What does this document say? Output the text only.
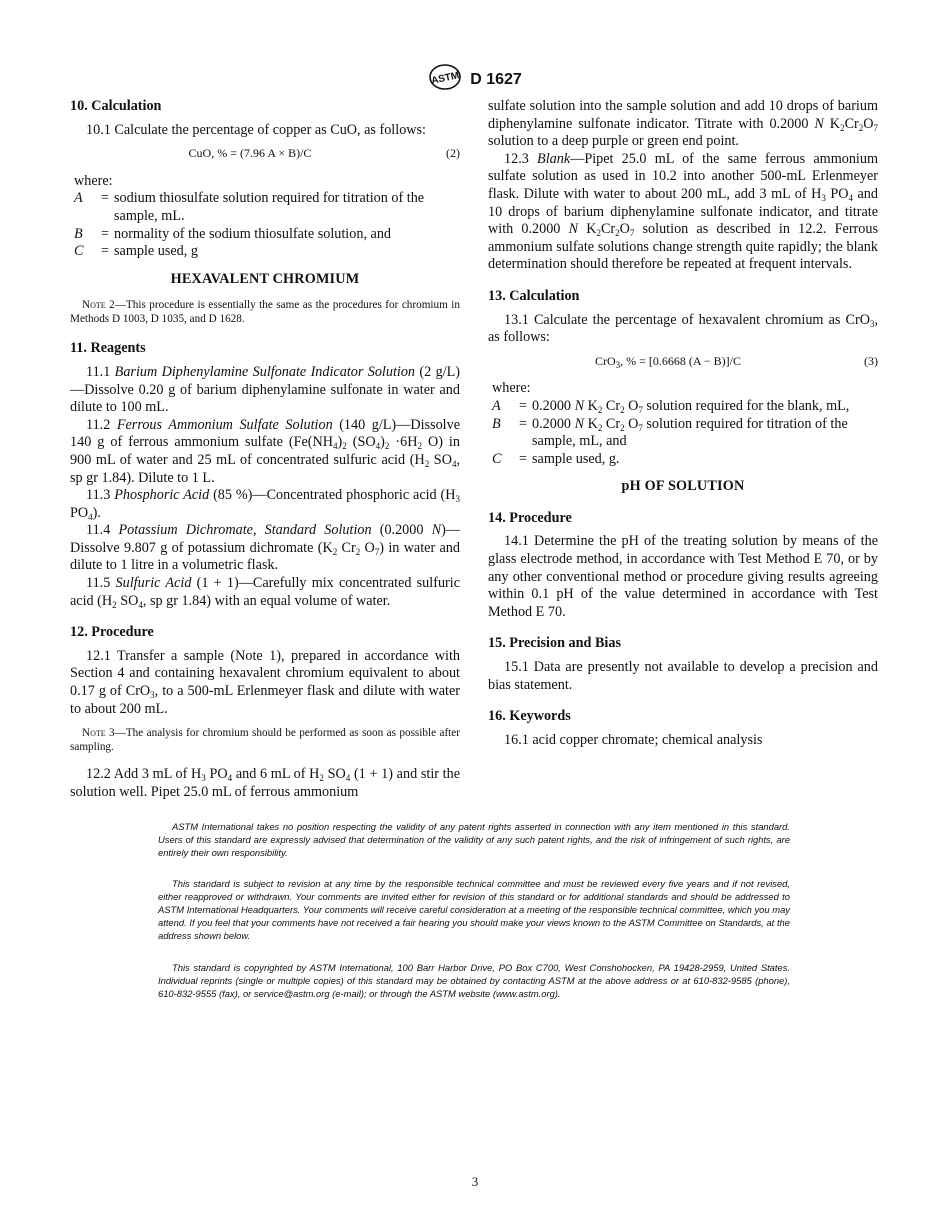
ASTM D 1627

10. Calculation

10.1 Calculate the percentage of copper as CuO, as follows:

CuO, % = (7.96 A × B)/C	(2)

where:

A	= sodium thiosulfate solution required for titration of the sample, mL.
B	= normality of the sodium thiosulfate solution, and
C	= sample used, g

HEXAVALENT CHROMIUM

Note 2—This procedure is essentially the same as the procedures for chromium in Methods D 1003, D 1035, and D 1628.

11. Reagents

11.1 Barium Diphenylamine Sulfonate Indicator Solution (2 g/L)—Dissolve 0.20 g of barium diphenylamine sulfonate in water and dilute to 100 mL.

11.2 Ferrous Ammonium Sulfate Solution (140 g/L)—Dissolve 140 g of ferrous ammonium sulfate ($Fe(NH_4)_2$ $(SO_4)_2 \cdot 6H_2$ O) in 900 mL of water and 25 mL of concentrated sulfuric acid ($H_2$ $SO_4$, sp gr 1.84). Dilute to 1 L.

11.3 Phosphoric Acid (85 %)—Concentrated phosphoric acid ($H_3$ $PO_4$).

11.4 Potassium Dichromate, Standard Solution (0.2000 N)—Dissolve 9.807 g of potassium dichromate ($K_2$ $Cr_2$ $O_7$) in water and dilute to 1 litre in a volumetric flask.

11.5 Sulfuric Acid (1 + 1)—Carefully mix concentrated sulfuric acid ($H_2$ $SO_4$, sp gr 1.84) with an equal volume of water.

12. Procedure

12.1 Transfer a sample (Note 1), prepared in accordance with Section 4 and containing hexavalent chromium equivalent to about 0.17 g of CrO$_3$, to a 500-mL Erlenmeyer flask and dilute with water to about 200 mL.

Note 3—The analysis for chromium should be performed as soon as possible after sampling.

12.2 Add 3 mL of $H_3$ $PO_4$ and 6 mL of $H_2$ $SO_4$ (1 + 1) and stir the solution well. Pipet 25.0 mL of ferrous ammonium

sulfate solution into the sample solution and add 10 drops of barium diphenylamine sulfonate indicator. Titrate with 0.2000 N $K_2Cr_2O_7$ solution to a deep purple or green end point.

12.3 Blank—Pipet 25.0 mL of the same ferrous ammonium sulfate solution as used in 10.2 into another 500-mL Erlenmeyer flask. Dilute with water to about 200 mL, add 3 mL of $H_3$ $PO_4$ and 10 drops of barium diphenylamine sulfonate indicator, and titrate with 0.2000 N $K_2Cr_2O_7$ solution as described in 12.2. Ferrous ammonium sulfate solutions change strength quite rapidly; the blank determination should therefore be repeated at frequent intervals.

13. Calculation

13.1 Calculate the percentage of hexavalent chromium as CrO$_3$, as follows:

CrO$_3$, % = [0.6668 (A − B)]/C	(3)

where:

A	= 0.2000 N $K_2$ $Cr_2$ $O_7$ solution required for the blank, mL,
B	= 0.2000 N $K_2$ $Cr_2$ $O_7$ solution required for titration of the sample, mL, and
C	= sample used, g.

pH OF SOLUTION

14. Procedure

14.1 Determine the pH of the treating solution by means of the glass electrode method, in accordance with Test Method E 70, or by any other conventional method or procedure giving results agreeing within 0.1 pH of the value determined in accordance with Test Method E 70.

15. Precision and Bias

15.1 Data are presently not available to develop a precision and bias statement.

16. Keywords

16.1 acid copper chromate; chemical analysis

ASTM International takes no position respecting the validity of any patent rights asserted in connection with any item mentioned in this standard. Users of this standard are expressly advised that determination of the validity of any such patent rights, and the risk of infringement of such rights, are entirely their own responsibility.

This standard is subject to revision at any time by the responsible technical committee and must be reviewed every five years and if not revised, either reapproved or withdrawn. Your comments are invited either for revision of this standard or for additional standards and should be addressed to ASTM International Headquarters. Your comments will receive careful consideration at a meeting of the responsible technical committee, which you may attend. If you feel that your comments have not received a fair hearing you should make your views known to the ASTM Committee on Standards, at the address shown below.

This standard is copyrighted by ASTM International, 100 Barr Harbor Drive, PO Box C700, West Conshohocken, PA 19428-2959, United States. Individual reprints (single or multiple copies) of this standard may be obtained by contacting ASTM at the above address or at 610-832-9585 (phone), 610-832-9555 (fax), or service@astm.org (e-mail); or through the ASTM website (www.astm.org).

3
